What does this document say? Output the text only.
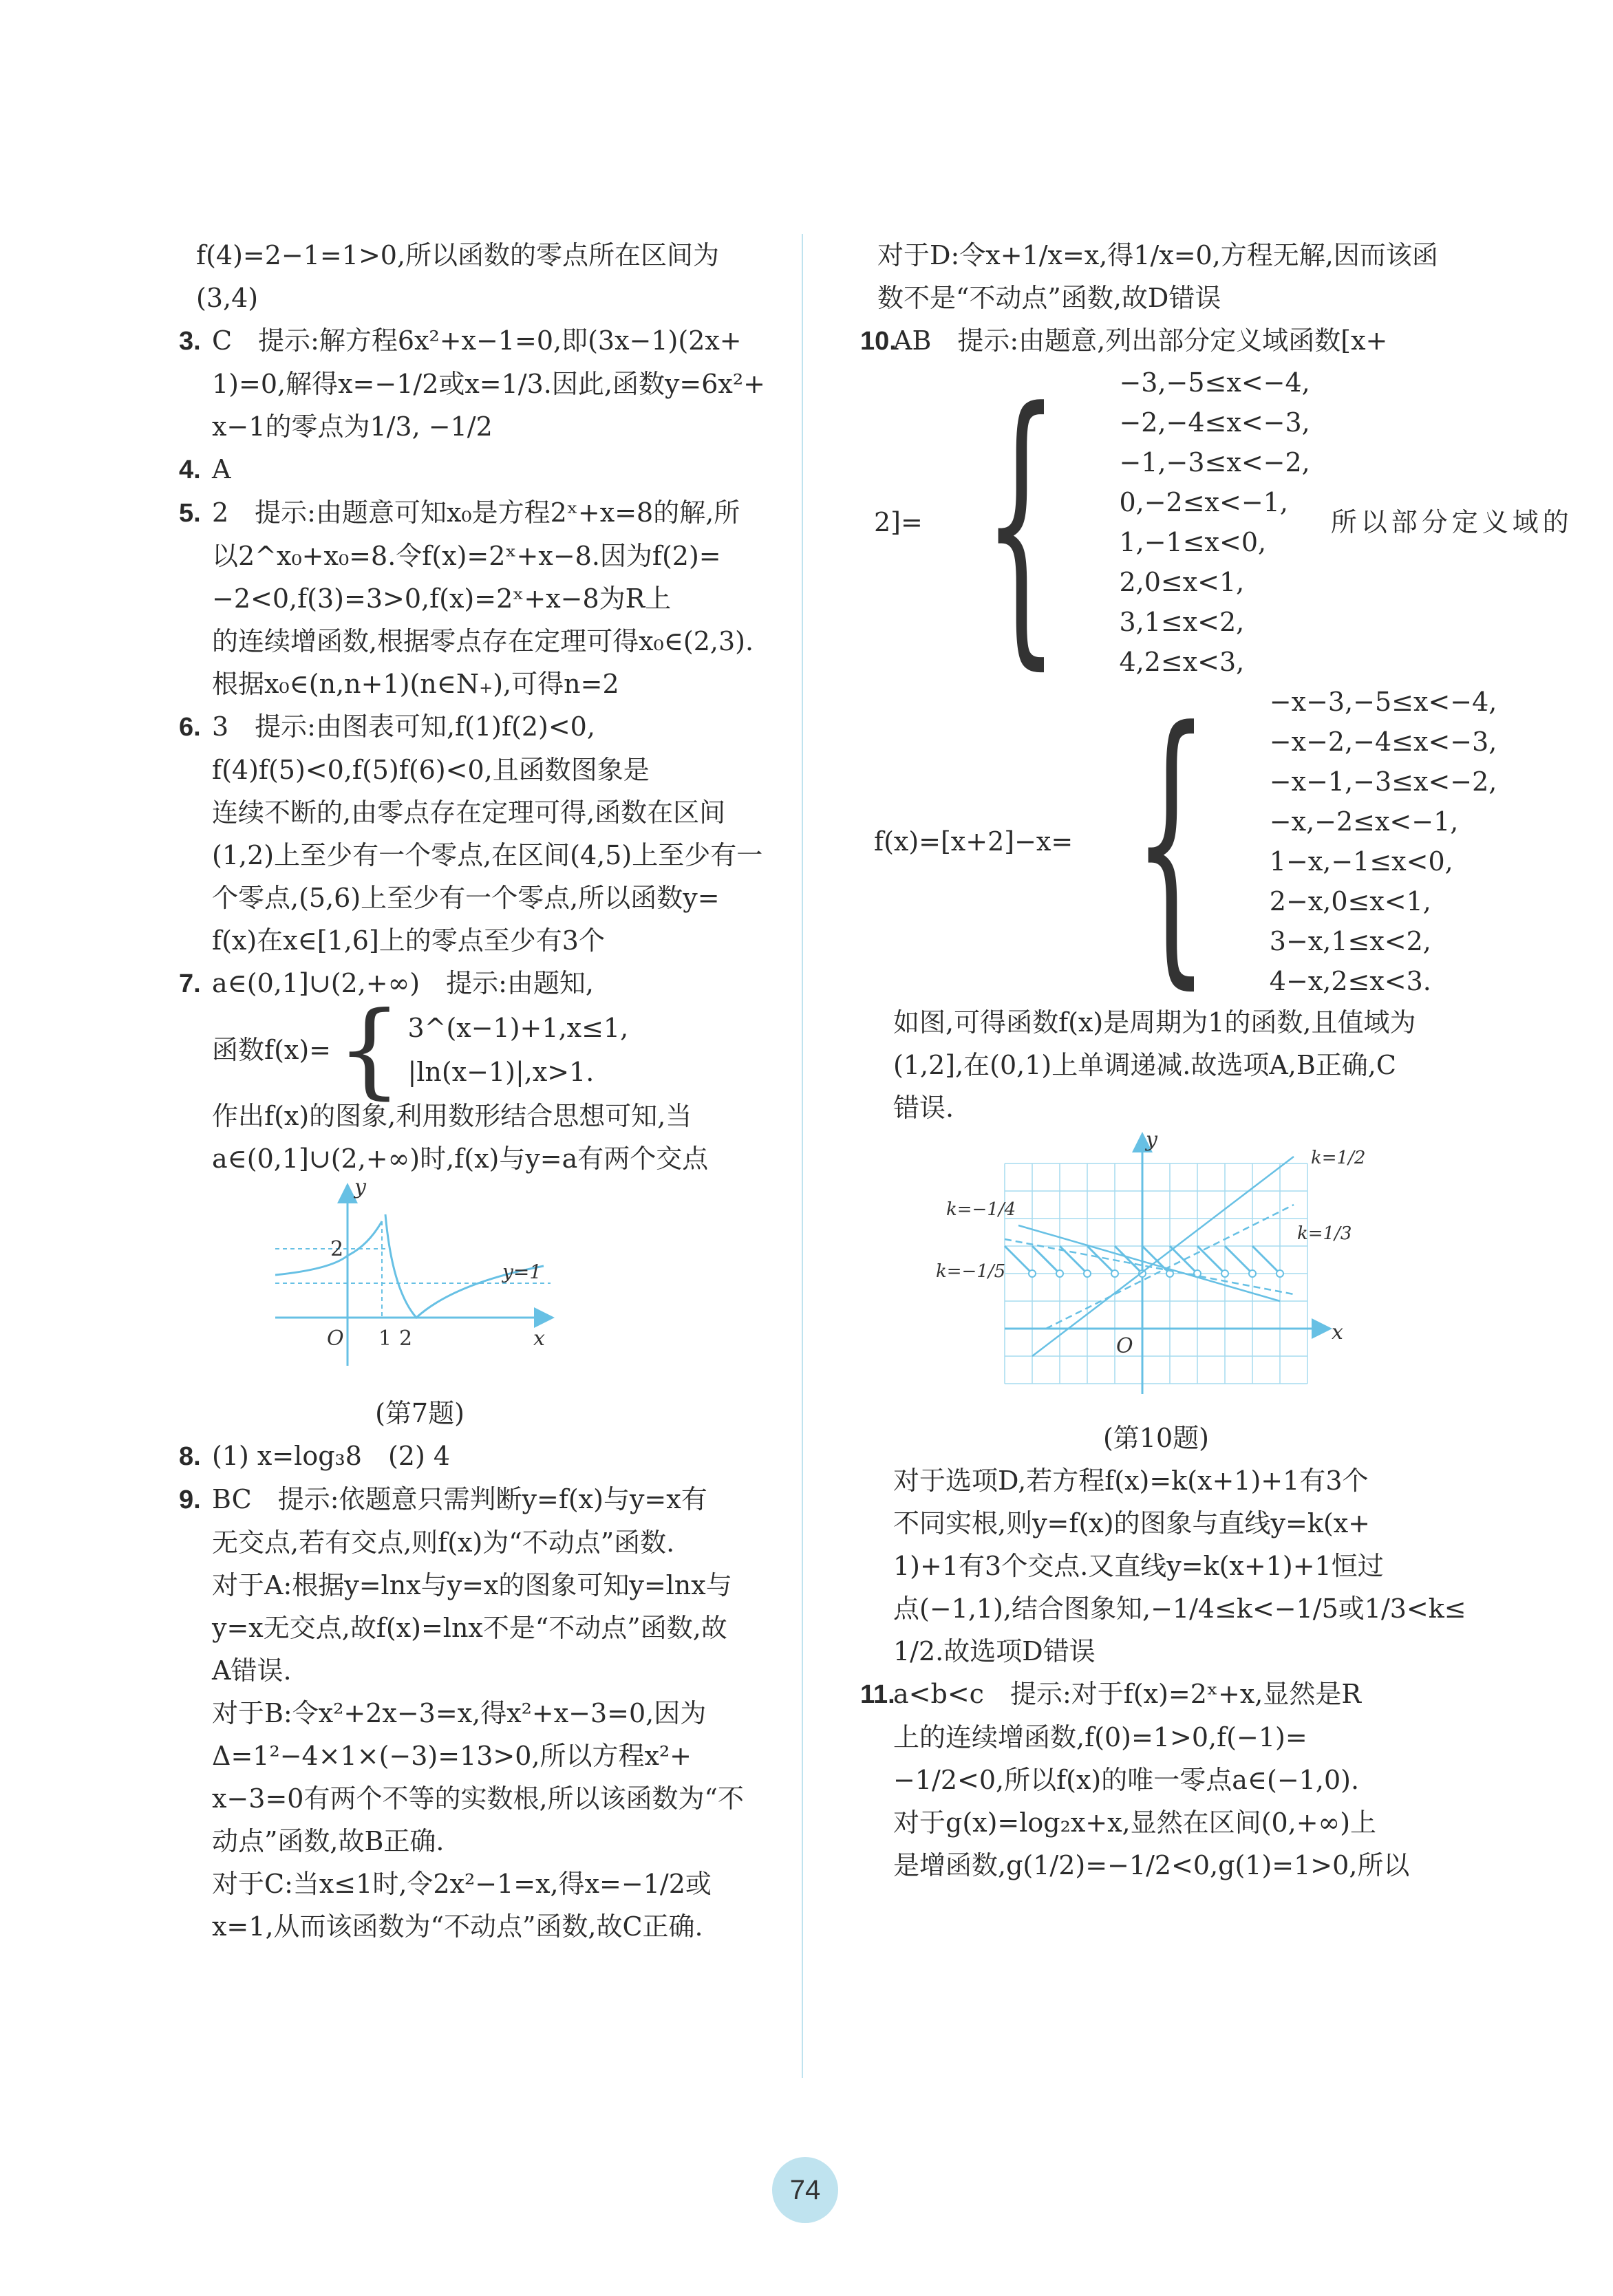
f(4)=2−1=1>0,所以函数的零点所在区间为

(3,4)

3. C　提示:解方程6x²+x−1=0,即(3x−1)(2x+

1)=0,解得x=−1/2或x=1/3.因此,函数y=6x²+

x−1的零点为1/3, −1/2

4. A

5. 2　提示:由题意可知x₀是方程2ˣ+x=8的解,所

以2^x₀+x₀=8.令f(x)=2ˣ+x−8.因为f(2)=

−2<0,f(3)=3>0,f(x)=2ˣ+x−8为R上

的连续增函数,根据零点存在定理可得x₀∈(2,3).

根据x₀∈(n,n+1)(n∈N₊),可得n=2

6. 3　提示:由图表可知,f(1)f(2)<0,

f(4)f(5)<0,f(5)f(6)<0,且函数图象是

连续不断的,由零点存在定理可得,函数在区间

(1,2)上至少有一个零点,在区间(4,5)上至少有一

个零点,(5,6)上至少有一个零点,所以函数y=

f(x)在x∈[1,6]上的零点至少有3个

7. a∈(0,1]∪(2,+∞)　提示:由题知,

函数f(x)= { 3^(x−1)+1,x≤1,
|ln(x−1)|,x>1.

作出f(x)的图象,利用数形结合思想可知,当

a∈(0,1]∪(2,+∞)时,f(x)与y=a有两个交点

y
x
O
2
1 2
y=1
(第7题)

8. (1) x=log₃8　(2) 4

9. BC　提示:依题意只需判断y=f(x)与y=x有

无交点,若有交点,则f(x)为“不动点”函数.

对于A:根据y=lnx与y=x的图象可知y=lnx与

y=x无交点,故f(x)=lnx不是“不动点”函数,故

A错误.

对于B:令x²+2x−3=x,得x²+x−3=0,因为

Δ=1²−4×1×(−3)=13>0,所以方程x²+

x−3=0有两个不等的实数根,所以该函数为“不

动点”函数,故B正确.

对于C:当x≤1时,令2x²−1=x,得x=−1/2或

x=1,从而该函数为“不动点”函数,故C正确.

对于D:令x+1/x=x,得1/x=0,方程无解,因而该函

数不是“不动点”函数,故D错误

10.AB　提示:由题意,列出部分定义域函数[x+

2]= { −3,−5≤x<−4,
−2,−4≤x<−3,
−1,−3≤x<−2,
0,−2≤x<−1,
1,−1≤x<0,
2,0≤x<1,
3,1≤x<2,
4,2≤x<3,
所以部分定义域的
f(x)=[x+2]−x= { −x−3,−5≤x<−4,
−x−2,−4≤x<−3,
−x−1,−3≤x<−2,
−x,−2≤x<−1,
1−x,−1≤x<0,
2−x,0≤x<1,
3−x,1≤x<2,
4−x,2≤x<3.

如图,可得函数f(x)是周期为1的函数,且值域为

(1,2],在(0,1)上单调递减.故选项A,B正确,C

错误.

y
x
O
k=1/2
k=−1/4
k=1/3
k=−1/5
(第10题)

对于选项D,若方程f(x)=k(x+1)+1有3个

不同实根,则y=f(x)的图象与直线y=k(x+

1)+1有3个交点.又直线y=k(x+1)+1恒过

点(−1,1),结合图象知,−1/4≤k<−1/5或1/3<k≤

1/2.故选项D错误

11.a<b<c　提示:对于f(x)=2ˣ+x,显然是R

上的连续增函数,f(0)=1>0,f(−1)=

−1/2<0,所以f(x)的唯一零点a∈(−1,0).

对于g(x)=log₂x+x,显然在区间(0,+∞)上

是增函数,g(1/2)=−1/2<0,g(1)=1>0,所以

74
